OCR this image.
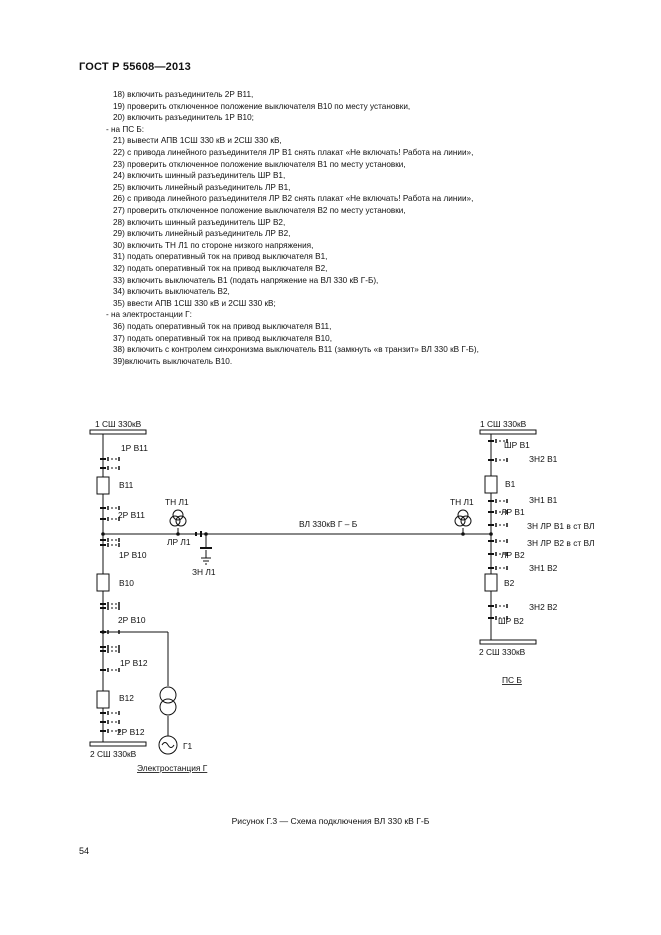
ГОСТ Р 55608—2013
18) включить разъединитель 2Р В11,
19) проверить отключенное положение выключателя В10 по месту установки,
20) включить разъединитель 1Р В10;
- на ПС Б:
21) вывести АПВ 1СШ 330 кВ и 2СШ 330 кВ,
22) с привода линейного разъединителя ЛР В1 снять плакат «Не включать! Работа на линии»,
23) проверить отключенное положение выключателя В1 по месту установки,
24) включить шинный разъединитель ШР В1,
25) включить линейный разъединитель ЛР В1,
26) с привода линейного разъединителя ЛР В2 снять плакат «Не включать! Работа на линии»,
27) проверить отключенное положение выключателя В2 по месту установки,
28) включить шинный разъединитель ШР В2,
29) включить линейный разъединитель ЛР В2,
30) включить ТН Л1 по стороне низкого напряжения,
31) подать оперативный ток на привод выключателя В1,
32) подать оперативный ток на привод выключателя В2,
33) включить выключатель В1 (подать напряжение на ВЛ 330 кВ Г-Б),
34) включить выключатель В2,
35) ввести АПВ 1СШ 330 кВ и 2СШ 330 кВ;
- на электростанции Г:
36) подать оперативный ток на привод выключателя В11,
37) подать оперативный ток на привод выключателя В10,
38) включить с контролем синхронизма выключатель В11 (замкнуть «в транзит» ВЛ 330 кВ Г-Б),
39)включить выключатель В10.
1 СШ 330кВ
1Р В11
В11
2Р В11
1Р В10
В10
2Р В10
1Р В12
В12
2Р В12
2 СШ 330кВ
Г1
Электростанция Г
ТН Л1
ЛР Л1
ЗН Л1
ВЛ 330кВ Г – Б
ТН Л1
1 СШ 330кВ
ШР В1
ЗН2 В1
В1
ЗН1 В1
ЛР В1
ЗН ЛР В1 в ст ВЛ
ЗН ЛР В2 в ст ВЛ
ЛР В2
ЗН1 В2
В2
ЗН2 В2
ШР В2
2 СШ 330кВ
ПС Б
Рисунок Г.3 — Схема подключения ВЛ 330 кВ Г-Б
54
